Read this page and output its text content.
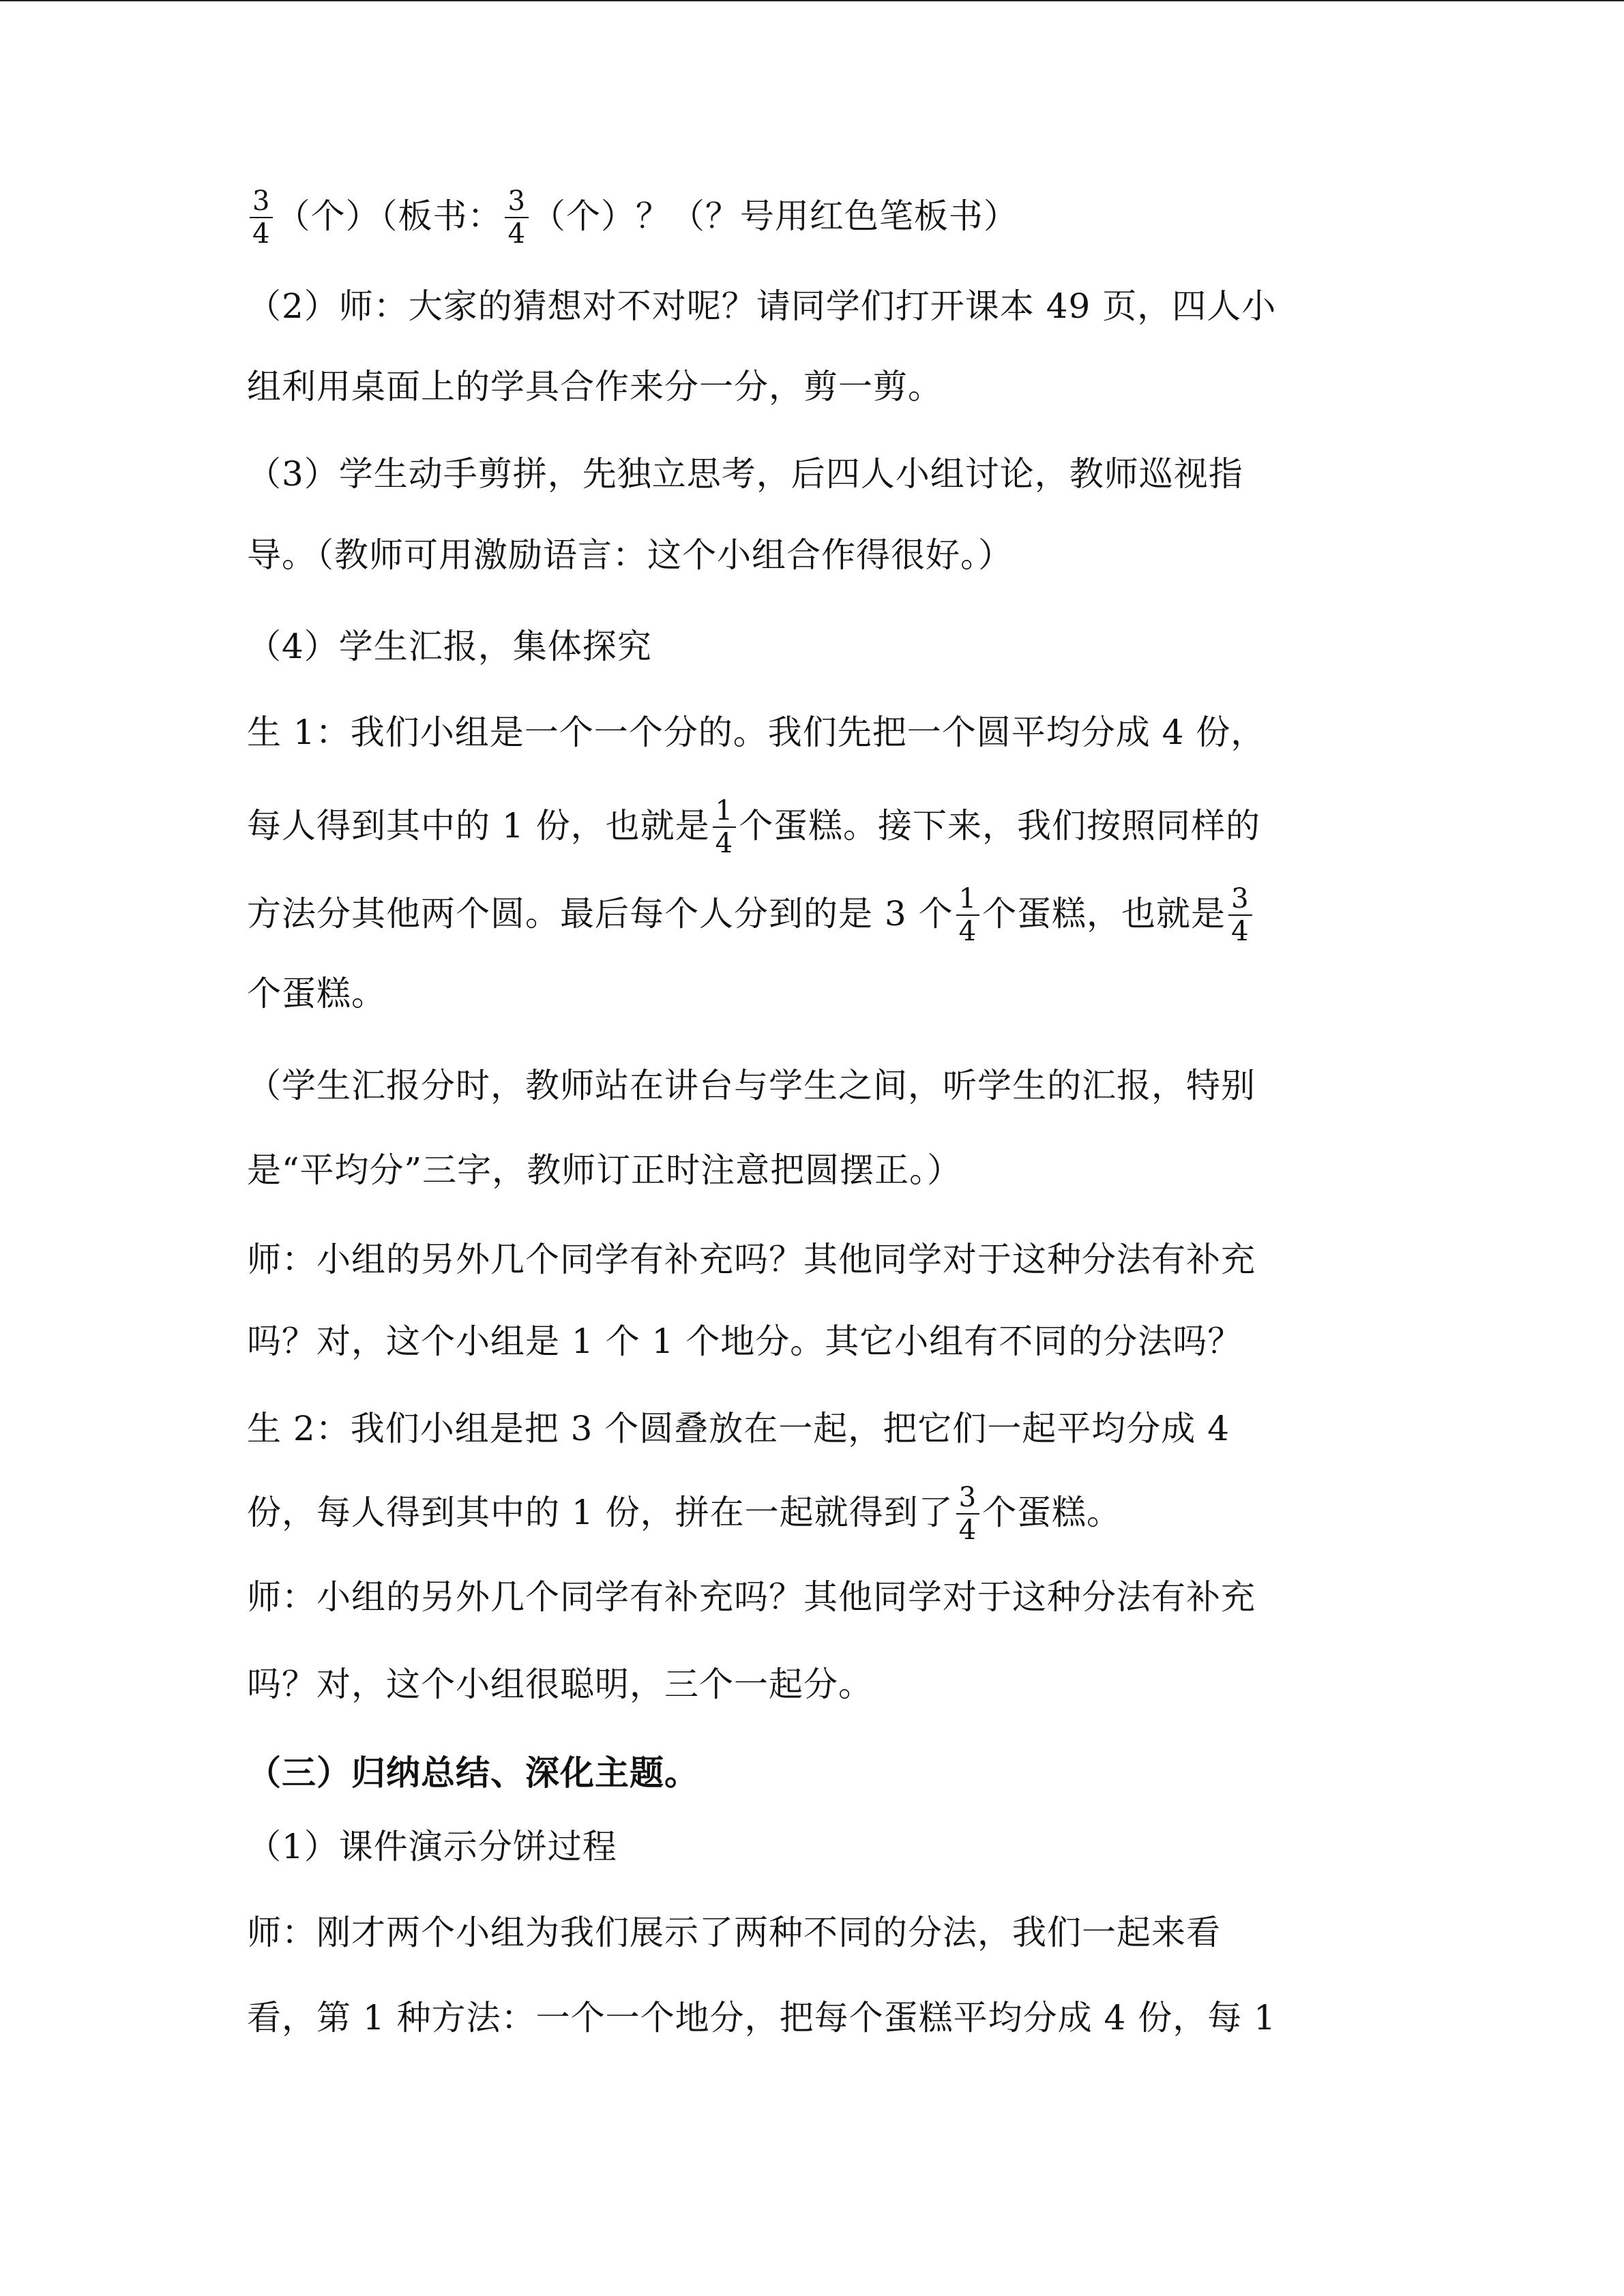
$\frac{3}{4}$ （个）（板书： $\frac{3}{4}$ （个）？（？号用红色笔板书）
（2）师：大家的猜想对不对呢？请同学们打开课本 49 页，四人小
组利用桌面上的学具合作来分一分，剪一剪。
（3）学生动手剪拼，先独立思考，后四人小组讨论，教师巡视指
导。（教师可用激励语言：这个小组合作得很好。）
（4）学生汇报，集体探究
生 1：我们小组是一个一个分的。我们先把一个圆平均分成 4 份，
每人得到其中的 1 份，也就是 $\frac{1}{4}$ 个蛋糕。接下来，我们按照同样的
方法分其他两个圆。最后每个人分到的是 3 个 $\frac{1}{4}$ 个蛋糕，也就是 $\frac{3}{4}$
个蛋糕。
（学生汇报分时，教师站在讲台与学生之间，听学生的汇报，特别
是“平均分”三字，教师订正时注意把圆摆正。）
师：小组的另外几个同学有补充吗？其他同学对于这种分法有补充
吗？对，这个小组是 1 个 1 个地分。其它小组有不同的分法吗？
生 2：我们小组是把 3 个圆叠放在一起，把它们一起平均分成 4
份，每人得到其中的 1 份，拼在一起就得到了 $\frac{3}{4}$ 个蛋糕。
师：小组的另外几个同学有补充吗？其他同学对于这种分法有补充
吗？对，这个小组很聪明，三个一起分。
（三）归纳总结、深化主题。
（1）课件演示分饼过程
师：刚才两个小组为我们展示了两种不同的分法，我们一起来看
看，第 1 种方法：一个一个地分，把每个蛋糕平均分成 4 份，每 1
